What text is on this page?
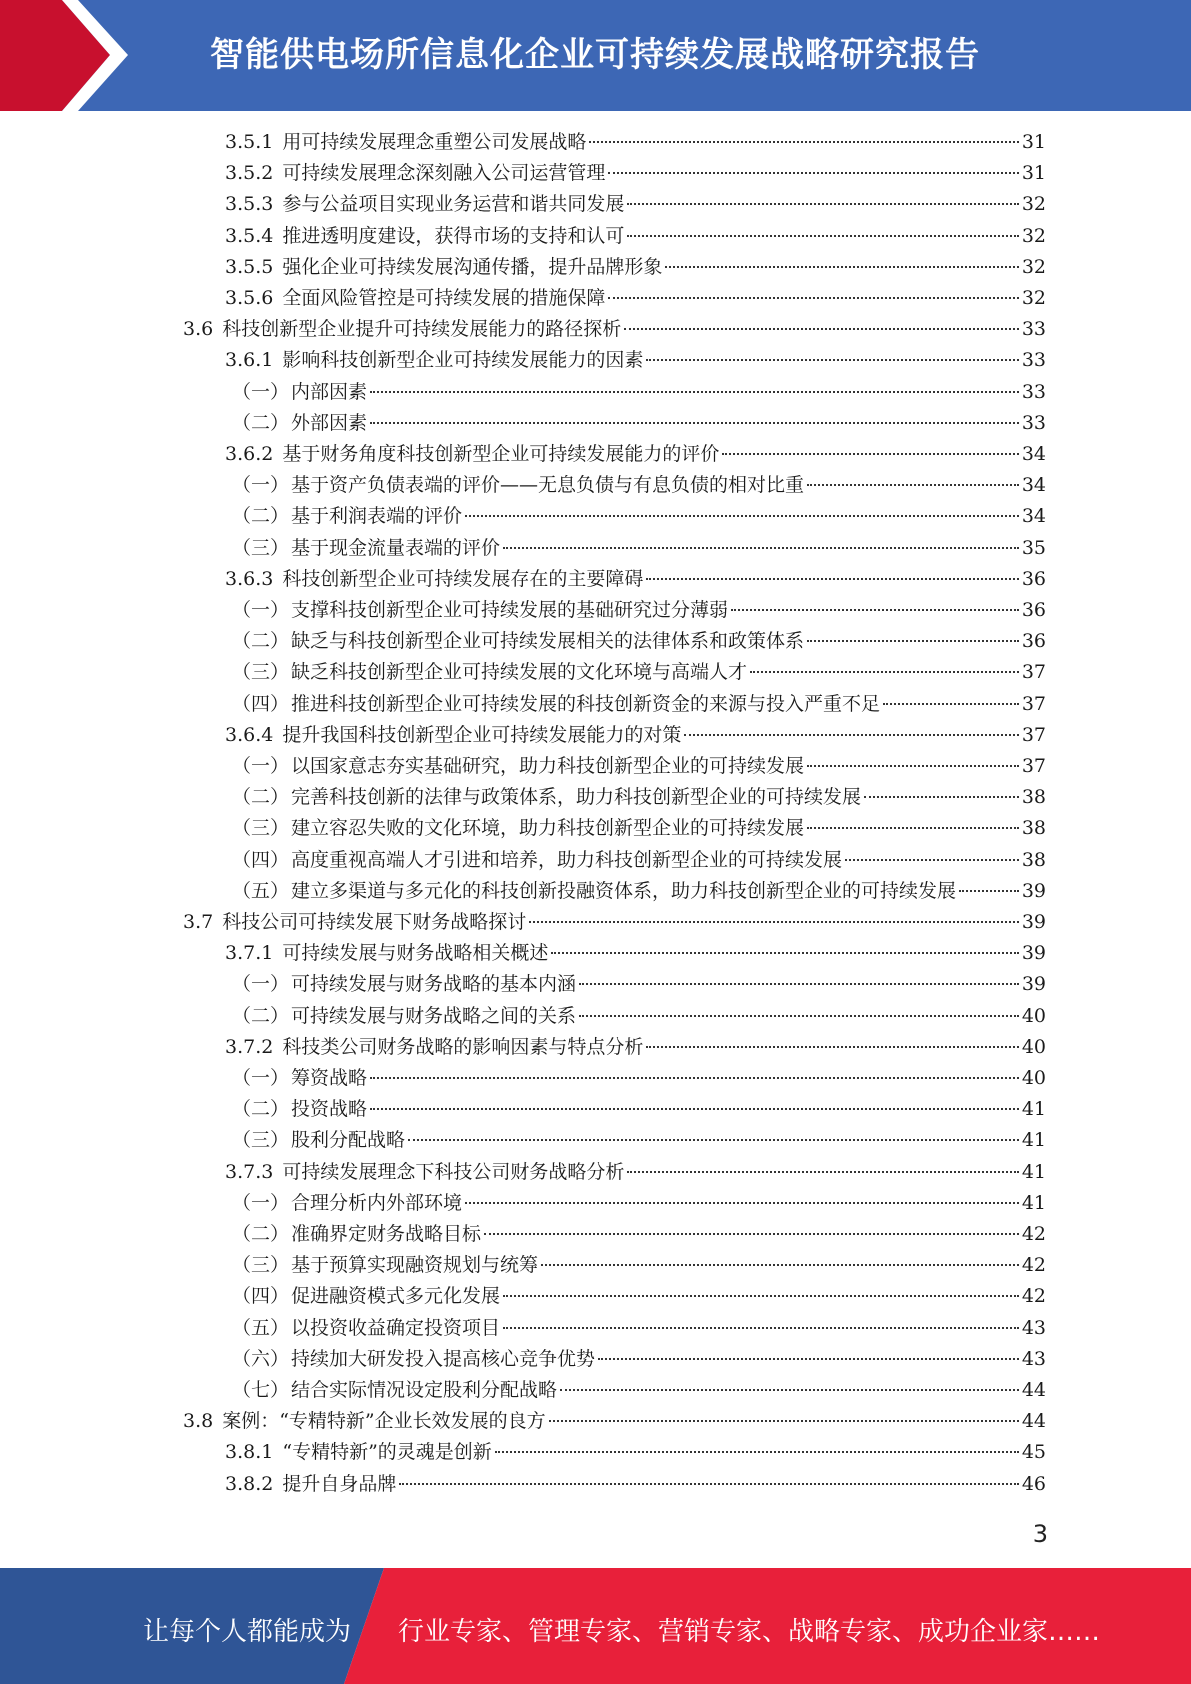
智能供电场所信息化企业可持续发展战略研究报告
3.5.1 用可持续发展理念重塑公司发展战略	31
3.5.2 可持续发展理念深刻融入公司运营管理	31
3.5.3 参与公益项目实现业务运营和谐共同发展	32
3.5.4 推进透明度建设，获得市场的支持和认可	32
3.5.5 强化企业可持续发展沟通传播，提升品牌形象	32
3.5.6 全面风险管控是可持续发展的措施保障	32
3.6 科技创新型企业提升可持续发展能力的路径探析	33
3.6.1 影响科技创新型企业可持续发展能力的因素	33
（一） 内部因素	33
（二） 外部因素	33
3.6.2 基于财务角度科技创新型企业可持续发展能力的评价	34
（一） 基于资产负债表端的评价——无息负债与有息负债的相对比重	34
（二） 基于利润表端的评价	34
（三） 基于现金流量表端的评价	35
3.6.3 科技创新型企业可持续发展存在的主要障碍	36
（一） 支撑科技创新型企业可持续发展的基础研究过分薄弱	36
（二） 缺乏与科技创新型企业可持续发展相关的法律体系和政策体系	36
（三） 缺乏科技创新型企业可持续发展的文化环境与高端人才	37
（四） 推进科技创新型企业可持续发展的科技创新资金的来源与投入严重不足	37
3.6.4 提升我国科技创新型企业可持续发展能力的对策	37
（一） 以国家意志夯实基础研究，助力科技创新型企业的可持续发展	37
（二） 完善科技创新的法律与政策体系，助力科技创新型企业的可持续发展	38
（三） 建立容忍失败的文化环境，助力科技创新型企业的可持续发展	38
（四） 高度重视高端人才引进和培养，助力科技创新型企业的可持续发展	38
（五） 建立多渠道与多元化的科技创新投融资体系，助力科技创新型企业的可持续发展	39
3.7 科技公司可持续发展下财务战略探讨	39
3.7.1 可持续发展与财务战略相关概述	39
（一） 可持续发展与财务战略的基本内涵	39
（二） 可持续发展与财务战略之间的关系	40
3.7.2 科技类公司财务战略的影响因素与特点分析	40
（一） 筹资战略	40
（二） 投资战略	41
（三） 股利分配战略	41
3.7.3 可持续发展理念下科技公司财务战略分析	41
（一） 合理分析内外部环境	41
（二） 准确界定财务战略目标	42
（三） 基于预算实现融资规划与统筹	42
（四） 促进融资模式多元化发展	42
（五） 以投资收益确定投资项目	43
（六） 持续加大研发投入提高核心竞争优势	43
（七） 结合实际情况设定股利分配战略	44
3.8 案例：“专精特新”企业长效发展的良方	44
3.8.1 “专精特新”的灵魂是创新	45
3.8.2 提升自身品牌	46
3
让每个人都能成为 行业专家、管理专家、营销专家、战略专家、成功企业家……
